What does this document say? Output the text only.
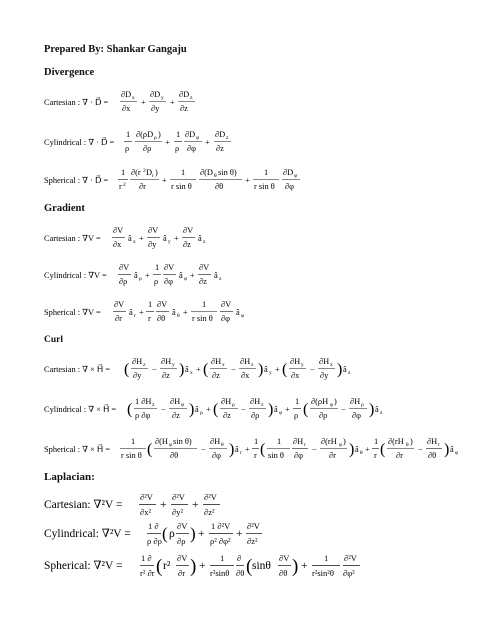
Prepared By: Shankar Gangaju
Divergence
Cartesian : ∇ · D⃗ =
∂D x
∂x
+
∂D y
∂y
+
∂D z
∂z
Cylindrical : ∇ · D⃗ =
1
ρ
∂(ρD ρ )
∂ρ
+
1
ρ
∂D φ
∂φ
+
∂D z
∂z
Spherical : ∇ · D⃗ =
1
r 2
∂(r 2 D r )
∂r
+
1
r sin θ
∂(D θ sin θ)
∂θ
+
1
r sin θ
∂D φ
∂φ
Gradient
Cartesian : ∇V =
∂V
∂x
â x +
∂V
∂y
â y +
∂V
∂z
â z
Cylindrical : ∇V =
∂V
∂ρ
â ρ +
1
ρ
∂V
∂φ
â φ +
∂V
∂z
â z
Spherical : ∇V =
∂V
∂r
â r +
1
r
∂V
∂θ
â θ +
1
r sin θ
∂V
∂φ
â φ
Curl
Cartesian : ∇ × H⃗ = ( ∂H z
∂y
−
∂H y
∂z ) â x + ( ∂H x
∂z
−
∂H z
∂x ) â y + ( ∂H y
∂x
−
∂H x
∂y ) â z
Cylindrical : ∇ × H⃗ = ( 1 ∂H z
ρ ∂φ
−
∂H φ
∂z ) â ρ + ( ∂H ρ
∂z
−
∂H z
∂ρ ) â φ +
1
ρ ( ∂(ρH φ )
∂ρ
−
∂H ρ
∂φ ) â z
Spherical : ∇ × H⃗ =
1
r sin θ ( ∂(H φ sin θ)
∂θ
−
∂H θ
∂φ ) â r +
1
r ( 1
sin θ
∂H r
∂φ
−
∂(rH φ )
∂r ) â θ +
1
r ( ∂(rH θ )
∂r
−
∂H r
∂θ ) â φ
Laplacian:
Cartesian: ∇²V =
∂²V
∂x²
+
∂²V
∂y²
+
∂²V
∂z²
Cylindrical: ∇²V =
1 ∂
ρ ∂ρ ( ρ
∂V
∂ρ ) +
1 ∂²V
ρ² ∂φ²
+
∂²V
∂z²
Spherical: ∇²V =
1 ∂
r² ∂r ( r²
∂V
∂r ) +
1
r²sinθ
∂
∂θ ( sinθ
∂V
∂θ ) +
1
r²sin²θ
∂²V
∂φ²
